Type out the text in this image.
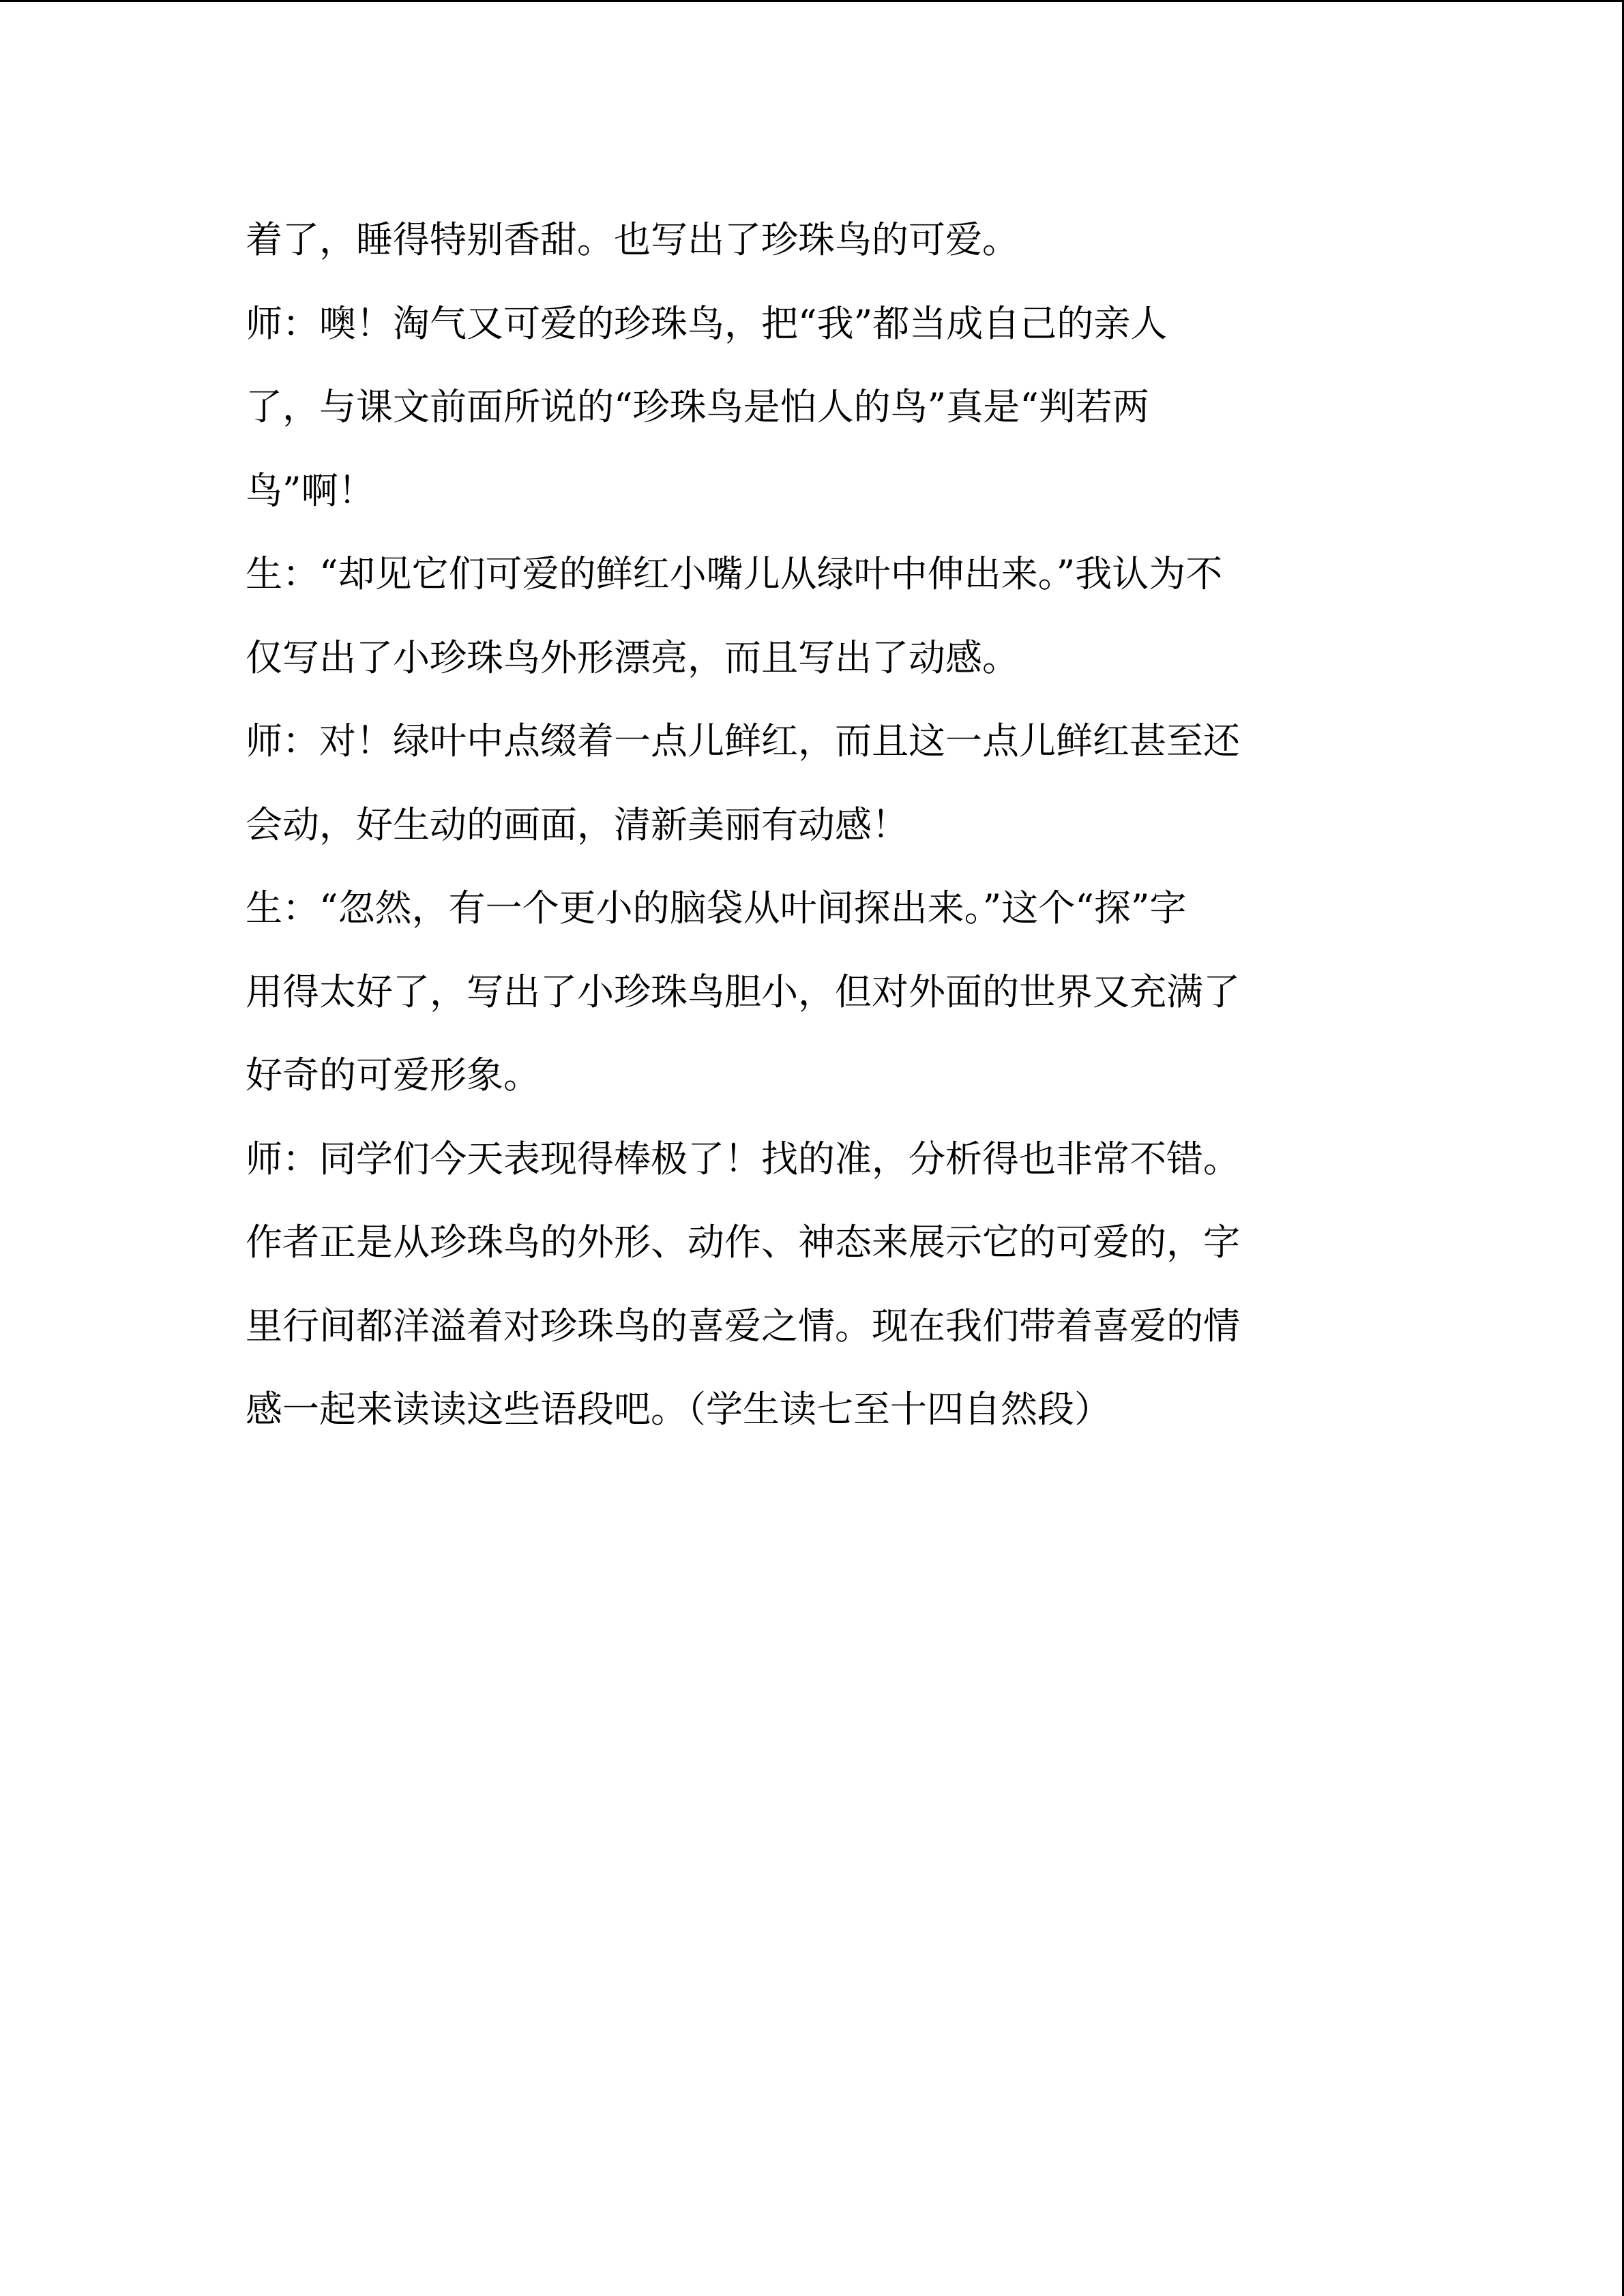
着了，睡得特别香甜。也写出了珍珠鸟的可爱。
师：噢！淘气又可爱的珍珠鸟，把“我”都当成自己的亲人
了，与课文前面所说的“珍珠鸟是怕人的鸟”真是“判若两
鸟”啊！
生：“却见它们可爱的鲜红小嘴儿从绿叶中伸出来。”我认为不
仅写出了小珍珠鸟外形漂亮，而且写出了动感。
师：对！绿叶中点缀着一点儿鲜红，而且这一点儿鲜红甚至还
会动，好生动的画面，清新美丽有动感！
生：“忽然，有一个更小的脑袋从叶间探出来。”这个“探”字
用得太好了，写出了小珍珠鸟胆小，但对外面的世界又充满了
好奇的可爱形象。
师：同学们今天表现得棒极了！找的准，分析得也非常不错。
作者正是从珍珠鸟的外形、动作、神态来展示它的可爱的，字
里行间都洋溢着对珍珠鸟的喜爱之情。现在我们带着喜爱的情
感一起来读读这些语段吧。（学生读七至十四自然段）
